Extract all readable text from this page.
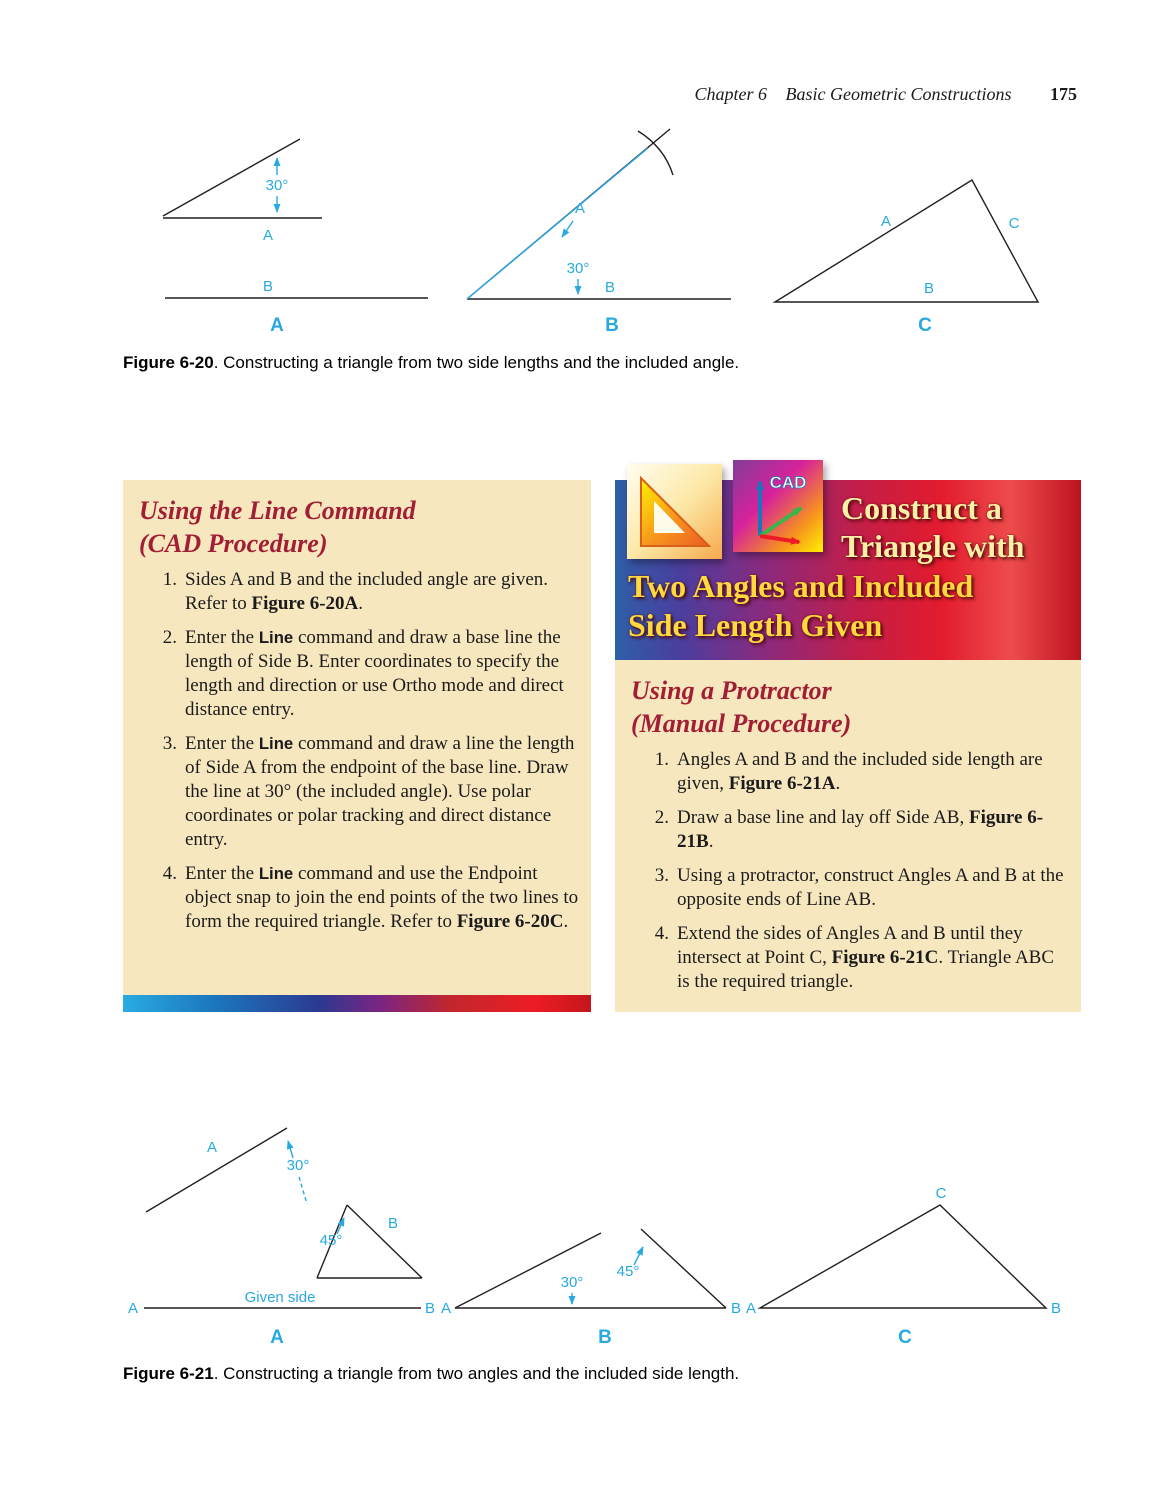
Chapter 6 Basic Geometric Constructions 175
30°
A
B
A
A
30°
B
B
A	C
B
C

Figure 6-20. Constructing a triangle from two side lengths and the included angle.

Using the Line Command
(CAD Procedure)
1. Sides A and B and the included angle are given. Refer to Figure 6-20A.
2. Enter the Line command and draw a base line the length of Side B. Enter coordinates to specify the length and direction or use Ortho mode and direct distance entry.
3. Enter the Line command and draw a line the length of Side A from the endpoint of the base line. Draw the line at 30° (the included angle). Use polar coordinates or polar tracking and direct distance entry.
4. Enter the Line command and use the Endpoint object snap to join the end points of the two lines to form the required triangle. Refer to Figure 6-20C.
CAD
Construct a
Triangle with
Two Angles and Included
Side Length Given
Using a Protractor
(Manual Procedure)
1. Angles A and B and the included side length are given, Figure 6-21A.
2. Draw a base line and lay off Side AB, Figure 6-21B.
3. Using a protractor, construct Angles A and B at the opposite ends of Line AB.
4. Extend the sides of Angles A and B until they intersect at Point C, Figure 6-21C. Triangle ABC is the required triangle.
A
30°
45°
B
A
Given side
B
A
A	B
30°
45°
B
C
A	B
C

Figure 6-21. Constructing a triangle from two angles and the included side length.
